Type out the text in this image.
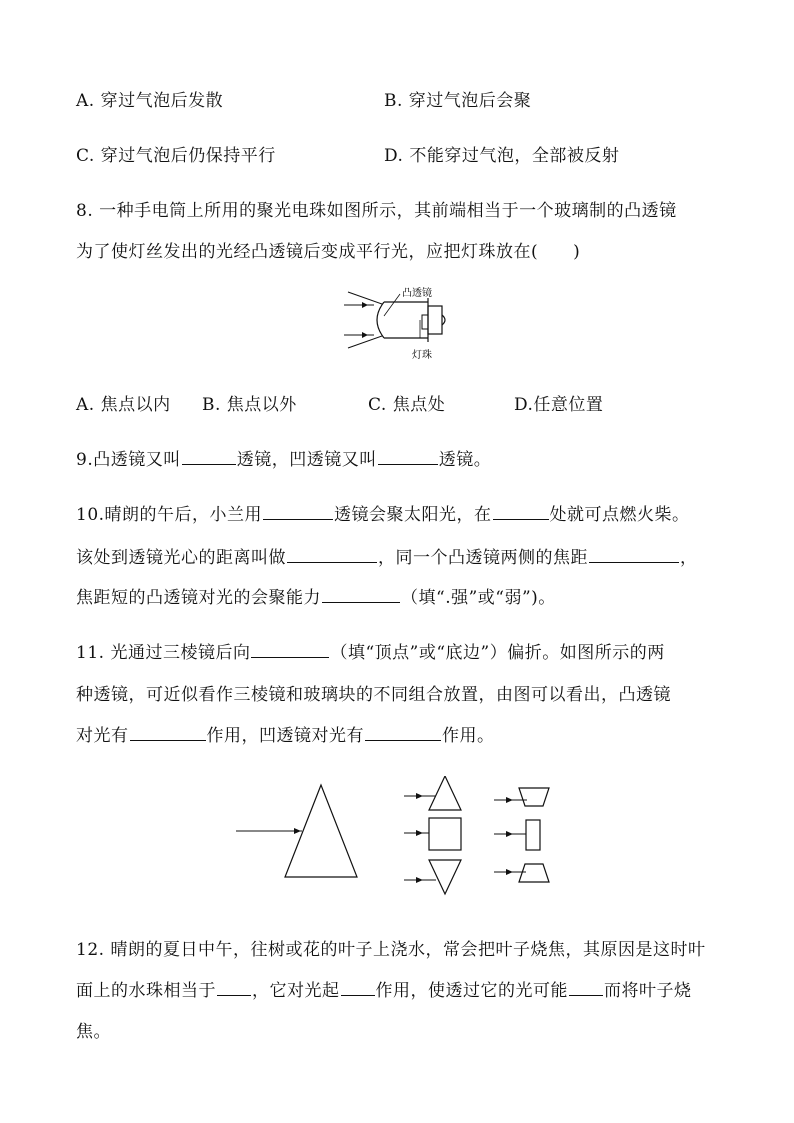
A. 穿过气泡后发散	B. 穿过气泡后会聚
C. 穿过气泡后仍保持平行	D. 不能穿过气泡，全部被反射
8. 一种手电筒上所用的聚光电珠如图所示，其前端相当于一个玻璃制的凸透镜
为了使灯丝发出的光经凸透镜后变成平行光，应把灯珠放在(　　)
凸透镜
灯珠
A. 焦点以内 B. 焦点以外	C. 焦点处	D.任意位置
9.凸透镜又叫	透镜，凹透镜又叫	透镜。
10.晴朗的午后，小兰用	透镜会聚太阳光，在	处就可点燃火柴。
该处到透镜光心的距离叫做	，同一个凸透镜两侧的焦距	，
焦距短的凸透镜对光的会聚能力	（填“.强”或“弱”)。
11. 光通过三棱镜后向	（填“顶点”或“底边”）偏折。如图所示的两
种透镜，可近似看作三棱镜和玻璃块的不同组合放置，由图可以看出，凸透镜
对光有	作用，凹透镜对光有	作用。
12. 晴朗的夏日中午，往树或花的叶子上浇水，常会把叶子烧焦，其原因是这时叶
面上的水珠相当于 ，它对光起 作用，使透过它的光可能 而将叶子烧
焦。
